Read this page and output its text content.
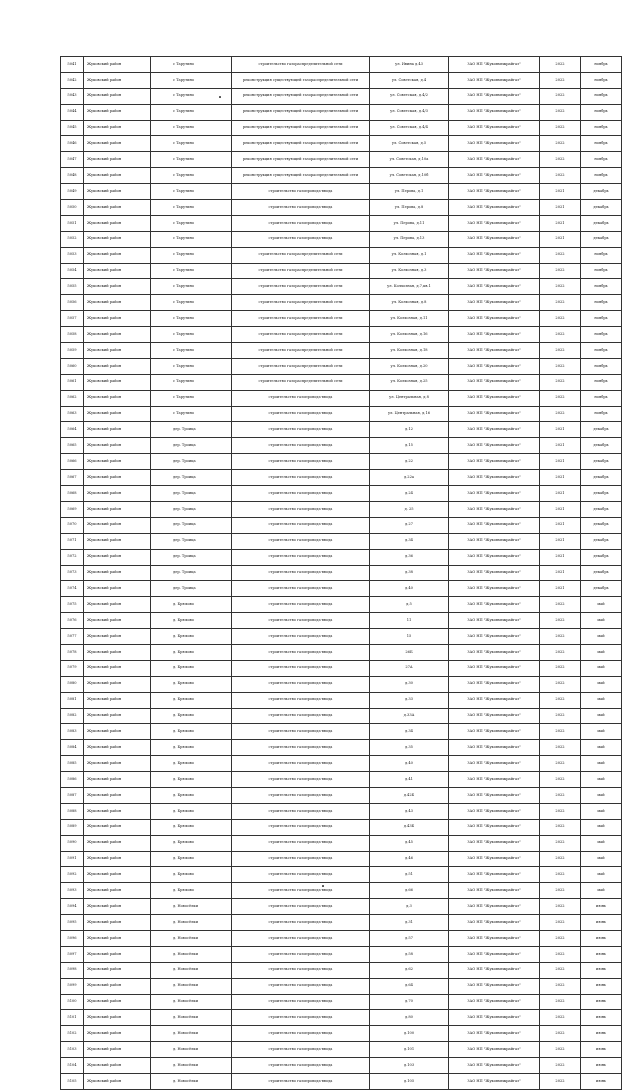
5041	Жуковский район	с Тарутино	строительство газораспределительной сети	ул. Ивина д.43	ЗАО НП "Жуковмежрайгаз"	2022	ноябрь
5042	Жуковский район	с Тарутино	реконструкция существующей газораспределительной сети	ул. Советская, д.4	ЗАО НП "Жуковмежрайгаз"	2022	ноябрь
5043	Жуковский район	с Тарутино	реконструкция существующей газораспределительной сети	ул. Советская, д.4/2	ЗАО НП "Жуковмежрайгаз"	2022	ноябрь
5044	Жуковский район	с Тарутино	реконструкция существующей газораспределительной сети	ул. Советская, д.4/3	ЗАО НП "Жуковмежрайгаз"	2022	ноябрь
5045	Жуковский район	с Тарутино	реконструкция существующей газораспределительной сети	ул. Советская, д.4/4	ЗАО НП "Жуковмежрайгаз"	2022	ноябрь
5046	Жуковский район	с Тарутино	реконструкция существующей газораспределительной сети	ул. Советская, д.5	ЗАО НП "Жуковмежрайгаз"	2022	ноябрь
5047	Жуковский район	с Тарутино	реконструкция существующей газораспределительной сети	ул. Советская, д.10а	ЗАО НП "Жуковмежрайгаз"	2022	ноябрь
5048	Жуковский район	с Тарутино	реконструкция существующей газораспределительной сети	ул. Советская, д.10б	ЗАО НП "Жуковмежрайгаз"	2022	ноябрь
5049	Жуковский район	с Тарутино	строительство газопровода-ввода	ул. Перова, д.1	ЗАО НП "Жуковмежрайгаз"	2021	декабрь
5050	Жуковский район	с Тарутино	строительство газопровода-ввода	ул. Перова, д.8	ЗАО НП "Жуковмежрайгаз"	2021	декабрь
5051	Жуковский район	с Тарутино	строительство газопровода-ввода	ул. Перова, д.11	ЗАО НП "Жуковмежрайгаз"	2021	декабрь
5052	Жуковский район	с Тарутино	строительство газопровода-ввода	ул. Перова, д.13	ЗАО НП "Жуковмежрайгаз"	2021	декабрь
5053	Жуковский район	с Тарутино	строительство газораспределительной сети	ул. Колхозная, д.1	ЗАО НП "Жуковмежрайгаз"	2022	ноябрь
5054	Жуковский район	с Тарутино	строительство газораспределительной сети	ул. Колхозная, д.3	ЗАО НП "Жуковмежрайгаз"	2022	ноябрь
5055	Жуковский район	с Тарутино	строительство газораспределительной сети	ул. Колхозная, д.7,кв.1	ЗАО НП "Жуковмежрайгаз"	2022	ноябрь
5056	Жуковский район	с Тарутино	строительство газораспределительной сети	ул. Колхозная, д.8	ЗАО НП "Жуковмежрайгаз"	2022	ноябрь
5057	Жуковский район	с Тарутино	строительство газораспределительной сети	ул. Колхозная, д.11	ЗАО НП "Жуковмежрайгаз"	2022	ноябрь
5058	Жуковский район	с Тарутино	строительство газораспределительной сети	ул. Колхозная, д.16	ЗАО НП "Жуковмежрайгаз"	2022	ноябрь
5059	Жуковский район	с Тарутино	строительство газораспределительной сети	ул. Колхозная, д.18	ЗАО НП "Жуковмежрайгаз"	2022	ноябрь
5060	Жуковский район	с Тарутино	строительство газораспределительной сети	ул. Колхозная, д.20	ЗАО НП "Жуковмежрайгаз"	2022	ноябрь
5061	Жуковский район	с Тарутино	строительство газораспределительной сети	ул. Колхозная, д.25	ЗАО НП "Жуковмежрайгаз"	2022	ноябрь
5062	Жуковский район	с Тарутино	строительство газопровода-ввода	ул. Центральная, д.8	ЗАО НП "Жуковмежрайгаз"	2022	ноябрь
5063	Жуковский район	с Тарутино	строительство газопровода-ввода	ул. Центральная, д.16	ЗАО НП "Жуковмежрайгаз"	2022	ноябрь
5064	Жуковский район	дер. Троица	строительство газопровода-ввода	д.12	ЗАО НП "Жуковмежрайгаз"	2021	декабрь
5065	Жуковский район	дер. Троица	строительство газопровода-ввода	д.15	ЗАО НП "Жуковмежрайгаз"	2021	декабрь
5066	Жуковский район	дер. Троица	строительство газопровода-ввода	д.22	ЗАО НП "Жуковмежрайгаз"	2021	декабрь
5067	Жуковский район	дер. Троица	строительство газопровода-ввода	д.22а	ЗАО НП "Жуковмежрайгаз"	2021	декабрь
5068	Жуковский район	дер. Троица	строительство газопровода-ввода	д.24	ЗАО НП "Жуковмежрайгаз"	2021	декабрь
5069	Жуковский район	дер. Троица	строительство газопровода-ввода	д. 25	ЗАО НП "Жуковмежрайгаз"	2021	декабрь
5070	Жуковский район	дер. Троица	строительство газопровода-ввода	д.27	ЗАО НП "Жуковмежрайгаз"	2021	декабрь
5071	Жуковский район	дер. Троица	строительство газопровода-ввода	д.34	ЗАО НП "Жуковмежрайгаз"	2021	декабрь
5072	Жуковский район	дер. Троица	строительство газопровода-ввода	д.36	ЗАО НП "Жуковмежрайгаз"	2021	декабрь
5073	Жуковский район	дер. Троица	строительство газопровода-ввода	д.38	ЗАО НП "Жуковмежрайгаз"	2021	декабрь
5074	Жуковский район	дер. Троица	строительство газопровода-ввода	д.40	ЗАО НП "Жуковмежрайгаз"	2021	декабрь
5075	Жуковский район	д. Брюхово	строительство газопровода-ввода	д.5	ЗАО НП "Жуковмежрайгаз"	2022	май
5076	Жуковский район	д. Брюхово	строительство газопровода-ввода	11	ЗАО НП "Жуковмежрайгаз"	2022	май
5077	Жуковский район	д. Брюхово	строительство газопровода-ввода	15	ЗАО НП "Жуковмежрайгаз"	2022	май
5078	Жуковский район	д. Брюхово	строительство газопровода-ввода	26Б	ЗАО НП "Жуковмежрайгаз"	2022	май
5079	Жуковский район	д. Брюхово	строительство газопровода-ввода	27А	ЗАО НП "Жуковмежрайгаз"	2022	май
5080	Жуковский район	д. Брюхово	строительство газопровода-ввода	д.30	ЗАО НП "Жуковмежрайгаз"	2022	май
5081	Жуковский район	д. Брюхово	строительство газопровода-ввода	д.33	ЗАО НП "Жуковмежрайгаз"	2022	май
5082	Жуковский район	д. Брюхово	строительство газопровода-ввода	д.33А	ЗАО НП "Жуковмежрайгаз"	2022	май
5083	Жуковский район	д. Брюхово	строительство газопровода-ввода	д.34	ЗАО НП "Жуковмежрайгаз"	2022	май
5084	Жуковский район	д. Брюхово	строительство газопровода-ввода	д.35	ЗАО НП "Жуковмежрайгаз"	2022	май
5085	Жуковский район	д. Брюхово	строительство газопровода-ввода	д.40	ЗАО НП "Жуковмежрайгаз"	2022	май
5086	Жуковский район	д. Брюхово	строительство газопровода-ввода	д.41	ЗАО НП "Жуковмежрайгаз"	2022	май
5087	Жуковский район	д. Брюхово	строительство газопровода-ввода	д.42Б	ЗАО НП "Жуковмежрайгаз"	2022	май
5088	Жуковский район	д. Брюхово	строительство газопровода-ввода	д.43	ЗАО НП "Жуковмежрайгаз"	2022	май
5089	Жуковский район	д. Брюхово	строительство газопровода-ввода	д.43Б	ЗАО НП "Жуковмежрайгаз"	2022	май
5090	Жуковский район	д. Брюхово	строительство газопровода-ввода	д.45	ЗАО НП "Жуковмежрайгаз"	2022	май
5091	Жуковский район	д. Брюхово	строительство газопровода-ввода	д.46	ЗАО НП "Жуковмежрайгаз"	2022	май
5092	Жуковский район	д. Брюхово	строительство газопровода-ввода	д.51	ЗАО НП "Жуковмежрайгаз"	2022	май
5093	Жуковский район	д. Брюхово	строительство газопровода-ввода	д.66	ЗАО НП "Жуковмежрайгаз"	2022	май
5094	Жуковский район	д. Новосёлки	строительство газопровода-ввода	д.3	ЗАО НП "Жуковмежрайгаз"	2022	июнь
5095	Жуковский район	д. Новосёлки	строительство газопровода-ввода	д.31	ЗАО НП "Жуковмежрайгаз"	2022	июнь
5096	Жуковский район	д. Новосёлки	строительство газопровода-ввода	д.57	ЗАО НП "Жуковмежрайгаз"	2022	июнь
5097	Жуковский район	д. Новосёлки	строительство газопровода-ввода	д.58	ЗАО НП "Жуковмежрайгаз"	2022	июнь
5098	Жуковский район	д. Новосёлки	строительство газопровода-ввода	д.62	ЗАО НП "Жуковмежрайгаз"	2022	июнь
5099	Жуковский район	д. Новосёлки	строительство газопровода-ввода	д.64	ЗАО НП "Жуковмежрайгаз"	2022	июнь
5100	Жуковский район	д. Новосёлки	строительство газопровода-ввода	д.70	ЗАО НП "Жуковмежрайгаз"	2022	июнь
5101	Жуковский район	д. Новосёлки	строительство газопровода-ввода	д.80	ЗАО НП "Жуковмежрайгаз"	2022	июнь
5102	Жуковский район	д. Новосёлки	строительство газопровода-ввода	д.100	ЗАО НП "Жуковмежрайгаз"	2022	июнь
5103	Жуковский район	д. Новосёлки	строительство газопровода-ввода	д.101	ЗАО НП "Жуковмежрайгаз"	2022	июнь
5104	Жуковский район	д. Новосёлки	строительство газопровода-ввода	д.103	ЗАО НП "Жуковмежрайгаз"	2022	июнь
5105	Жуковский район	д. Новосёлки	строительство газопровода-ввода	д.105	ЗАО НП "Жуковмежрайгаз"	2022	июнь
